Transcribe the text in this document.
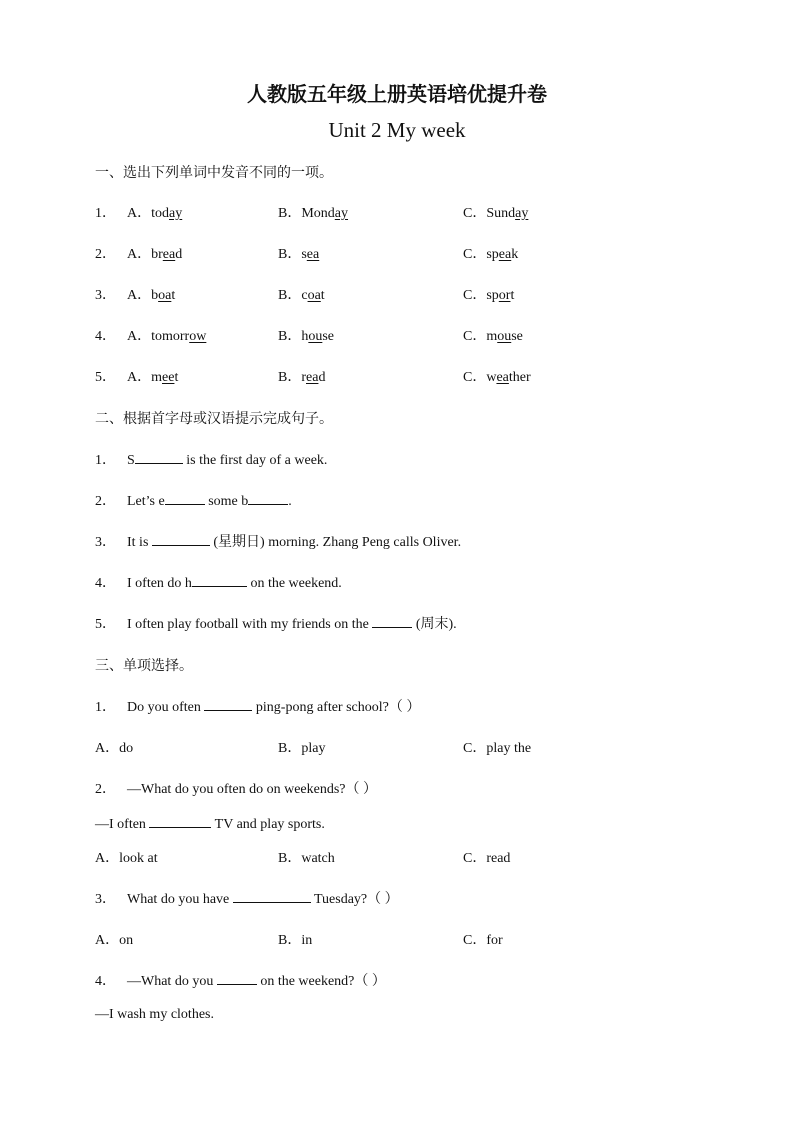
人教版五年级上册英语培优提升卷
Unit 2 My week
一、选出下列单词中发音不同的一项。
1． A．today	B．Monday	C．Sunday
2． A．bread	B．sea	C．speak
3． A．boat	B．coat	C．sport
4． A．tomorrow	B．house	C．mouse
5． A．meet	B．read	C．weather
二、根据首字母或汉语提示完成句子。
1． S	is the first day of a week.
2． Let’s e	some b	.
3． It is	(星期日) morning. Zhang Peng calls Oliver.
4． I often do h	on the weekend.
5． I often play football with my friends on the	(周末).
三、单项选择。
1． Do you often	ping-pong after school?（ ）
A．do	B．play	C．play the
2． —What do you often do on weekends?（ ）
—I often	TV and play sports.
A．look at	B．watch	C．read
3． What do you have	Tuesday?（ ）
A．on	B．in	C．for
4． —What do you	on the weekend?（ ）
—I wash my clothes.
